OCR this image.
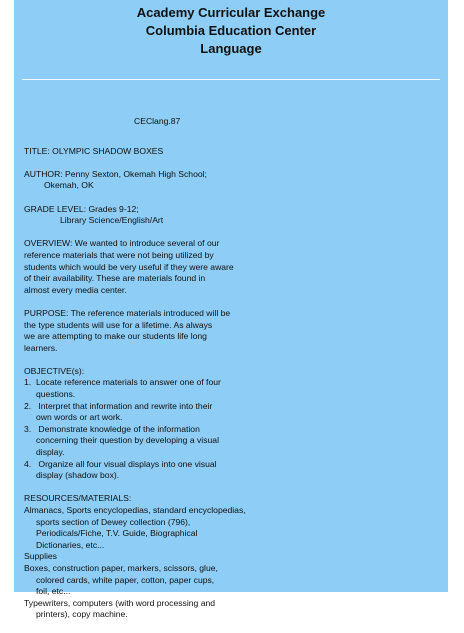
Academy Curricular Exchange

Columbia Education Center

Language

CEClang.87
TITLE: OLYMPIC SHADOW BOXES
AUTHOR: Penny Sexton, Okemah High School;
Okemah, OK
GRADE LEVEL: Grades 9-12;
Library Science/English/Art
OVERVIEW: We wanted to introduce several of our
reference materials that were not being utilized by
students which would be very useful if they were aware
of their availability. These are materials found in
almost every media center.
PURPOSE: The reference materials introduced will be
the type students will use for a lifetime. As always
we are attempting to make our students life long
learners.
OBJECTIVE(s):
1. Locate reference materials to answer one of four
questions.
2. Interpret that information and rewrite into their
own words or art work.
3. Demonstrate knowledge of the information
concerning their question by developing a visual
display.
4. Organize all four visual displays into one visual
display (shadow box).
RESOURCES/MATERIALS:
Almanacs, Sports encyclopedias, standard encyclopedias,
sports section of Dewey collection (796),
Periodicals/Fiche, T.V. Guide, Biographical
Dictionaries, etc...
Supplies
Boxes, construction paper, markers, scissors, glue,
colored cards, white paper, cotton, paper cups,
foil, etc...
Typewriters, computers (with word processing and
printers), copy machine.
